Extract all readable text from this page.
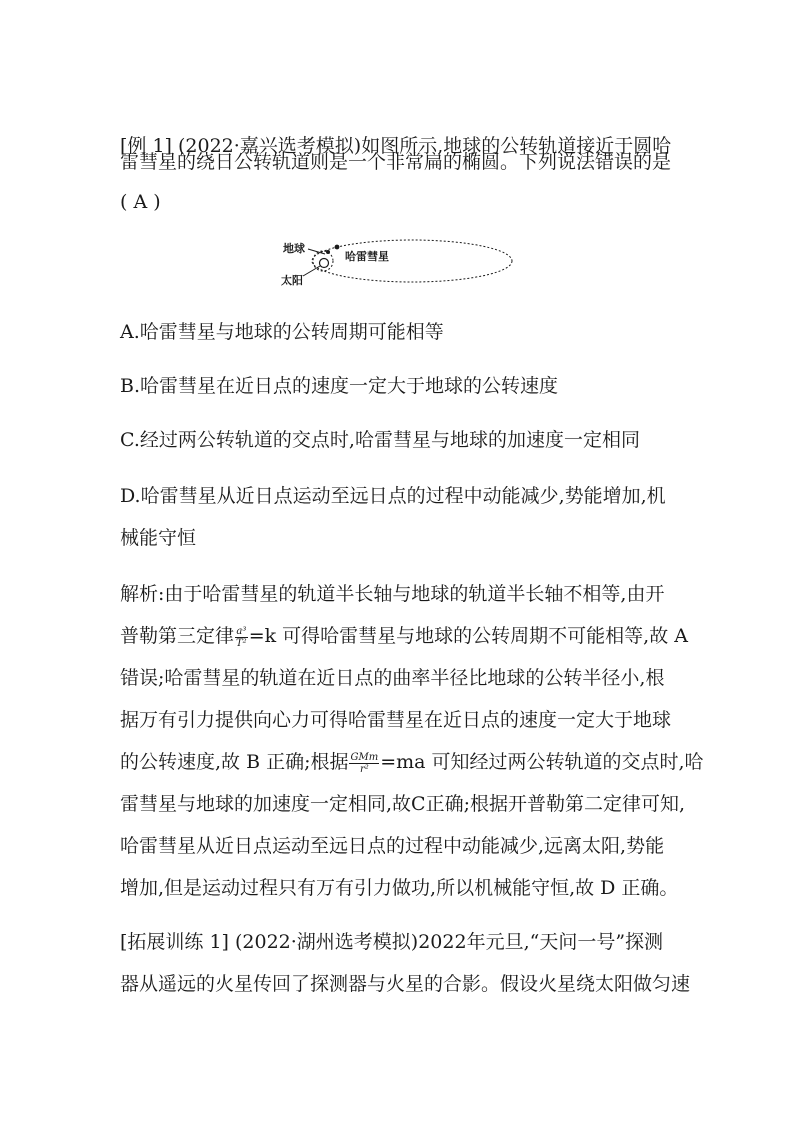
[例 1] (2022·嘉兴选考模拟)如图所示,地球的公转轨道接近于圆哈
雷彗星的绕日公转轨道则是一个非常扁的椭圆。下列说法错误的是
( A )
地球
哈雷彗星
太阳
A.哈雷彗星与地球的公转周期可能相等
B.哈雷彗星在近日点的速度一定大于地球的公转速度
C.经过两公转轨道的交点时,哈雷彗星与地球的加速度一定相同
D.哈雷彗星从近日点运动至远日点的过程中动能减少,势能增加,机
械能守恒
解析:由于哈雷彗星的轨道半长轴与地球的轨道半长轴不相等,由开
普勒第三定律 $\frac{\text{a³}}{\text{T²}} =k$ 可得哈雷彗星与地球的公转周期不可能相等,故 A
错误;哈雷彗星的轨道在近日点的曲率半径比地球的公转半径小,根
据万有引力提供向心力可得哈雷彗星在近日点的速度一定大于地球
的公转速度,故 B 正确;根据 $\frac{\text{GMm}}{\text{r²}} =ma$ 可知经过两公转轨道的交点时,哈
雷彗星与地球的加速度一定相同,故C正确;根据开普勒第二定律可知,
哈雷彗星从近日点运动至远日点的过程中动能减少,远离太阳,势能
增加,但是运动过程只有万有引力做功,所以机械能守恒,故 D 正确。
[拓展训练 1] (2022·湖州选考模拟)2022年元旦,“天问一号”探测
器从遥远的火星传回了探测器与火星的合影。假设火星绕太阳做匀速
